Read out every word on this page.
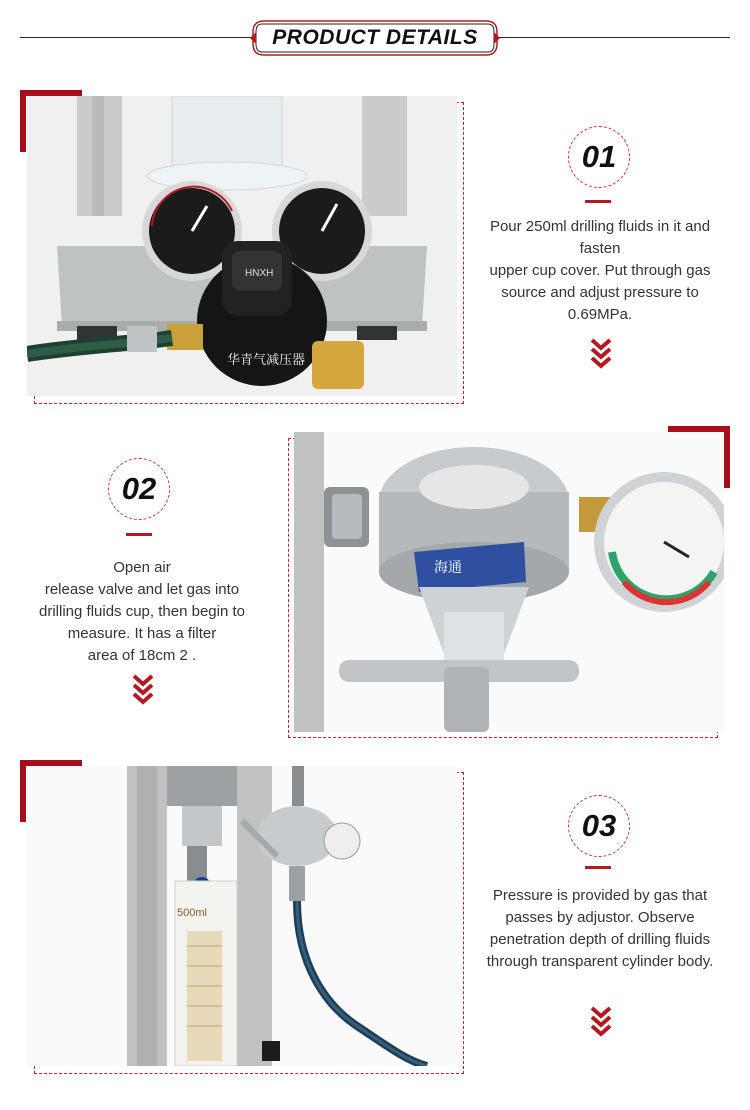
PRODUCT DETAILS
HNXH
华青气减压器
01
Pour 250ml drilling fluids in it and
fasten
upper cup cover. Put through gas
source and adjust pressure to
0.69MPa.
海通
02
Open air
release valve and let gas into
drilling fluids cup, then begin to
measure. It has a filter
area of 18cm 2 .
500ml
03
Pressure is provided by gas that
passes by adjustor. Observe
penetration depth of drilling fluids
through transparent cylinder body.
